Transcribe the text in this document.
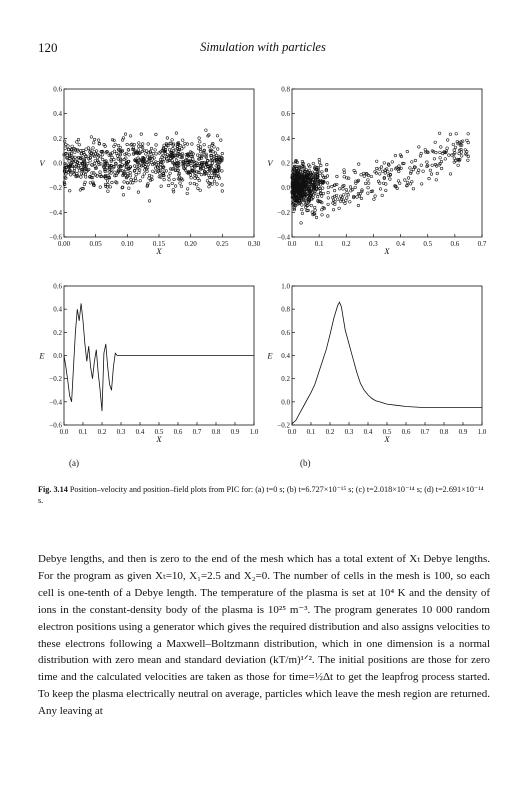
120	Simulation with particles
0.00	0.05	0.10	0.15	0.20	0.25	0.30
0.6
0.4
0.2
0.0
−0.2
−0.4
−0.6
X
V
0.0	0.1	0.2	0.3	0.4	0.5	0.6	0.7
0.8
0.6
0.4
0.2
0.0
−0.2
−0.4
X
V
0.0 0.1 0.2 0.3 0.4 0.5 0.6 0.7 0.8 0.9 1.0
0.6
0.4
0.2
0.0
−0.2
−0.4
−0.6
X
E
0.0 0.1 0.2 0.3 0.4 0.5 0.6 0.7 0.8 0.9 1.0
1.0
0.8
0.6
0.4
0.2
0.0
−0.2
X
E
(a)	(b)
Fig. 3.14 Position–velocity and position–field plots from PIC for: (a) t=0 s; (b) t=6.727×10⁻¹⁵ s; (c) t=2.018×10⁻¹⁴ s; (d) t=2.691×10⁻¹⁴ s.

Debye lengths, and then is zero to the end of the mesh which has a total extent of Xₜ Debye lengths. For the program as given Xₜ=10, X₁=2.5 and X₂=0. The number of cells in the mesh is 100, so each cell is one-tenth of a Debye length. The temperature of the plasma is set at 10⁴ K and the density of ions in the constant-density body of the plasma is 10²⁵ m⁻³. The program generates 10 000 random electron positions using a generator which gives the required distribution and also assigns velocities to these electrons following a Maxwell–Boltzmann distribution, which in one dimension is a normal distribution with zero mean and standard deviation (kT/m)¹ᐟ². The initial positions are those for zero time and the calculated velocities are taken as those for time=½Δt to get the leapfrog process started. To keep the plasma electrically neutral on average, particles which leave the mesh region are returned. Any leaving at
